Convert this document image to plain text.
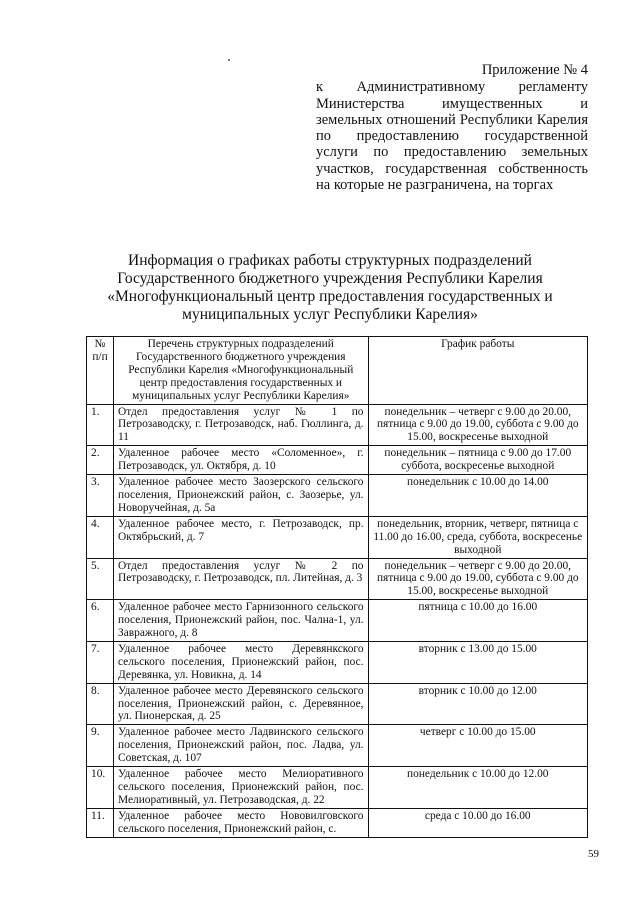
Приложение № 4
к Административному регламенту Министерства имущественных и земельных отношений Республики Карелия по предоставлению государственной услуги по предоставлению земельных участков, государственная собственность на которые не разграничена, на торгах
Информация о графиках работы структурных подразделений
Государственного бюджетного учреждения Республики Карелия
«Многофункциональный центр предоставления государственных и
муниципальных услуг Республики Карелия»
№ п/п	Перечень структурных подразделений Государственного бюджетного учреждения Республики Карелия «Многофункциональный центр предоставления государственных и муниципальных услуг Республики Карелия»	График работы
1.	Отдел предоставления услуг № 1 по Петрозаводску, г. Петрозаводск, наб. Гюллинга, д. 11	понедельник – четверг с 9.00 до 20.00, пятница с 9.00 до 19.00, суббота с 9.00 до 15.00, воскресенье выходной
2.	Удаленное рабочее место «Соломенное», г. Петрозаводск, ул. Октября, д. 10	понедельник – пятница с 9.00 до 17.00 суббота, воскресенье выходной
3.	Удаленное рабочее место Заозерского сельского поселения, Прионежский район, с. Заозерье, ул. Новоручейная, д. 5а	понедельник с 10.00 до 14.00
4.	Удаленное рабочее место, г. Петрозаводск, пр. Октябрьский, д. 7	понедельник, вторник, четверг, пятница с 11.00 до 16.00, среда, суббота, воскресенье выходной
5.	Отдел предоставления услуг № 2 по Петрозаводску, г. Петрозаводск, пл. Литейная, д. 3	понедельник – четверг с 9.00 до 20.00, пятница с 9.00 до 19.00, суббота с 9.00 до 15.00, воскресенье выходной
6.	Удаленное рабочее место Гарнизонного сельского поселения, Прионежский район, пос. Чална-1, ул. Завражного, д. 8	пятница с 10.00 до 16.00
7.	Удаленное рабочее место Деревянкского сельского поселения, Прионежский район, пос. Деревянка, ул. Новикна, д. 14	вторник с 13.00 до 15.00
8.	Удаленное рабочее место Деревянского сельского поселения, Прионежский район, с. Деревянное, ул. Пионерская, д. 25	вторник с 10.00 до 12.00
9.	Удаленное рабочее место Ладвинского сельского поселения, Прионежский район, пос. Ладва, ул. Советская, д. 107	четверг с 10.00 до 15.00
10.	Удаленное рабочее место Мелиоративного сельского поселения, Прионежский район, пос. Мелиоративный, ул. Петрозаводская, д. 22	понедельник с 10.00 до 12.00
11.	Удаленное рабочее место Нововилговского сельского поселения, Прионежский район, с.	среда с 10.00 до 16.00
59
